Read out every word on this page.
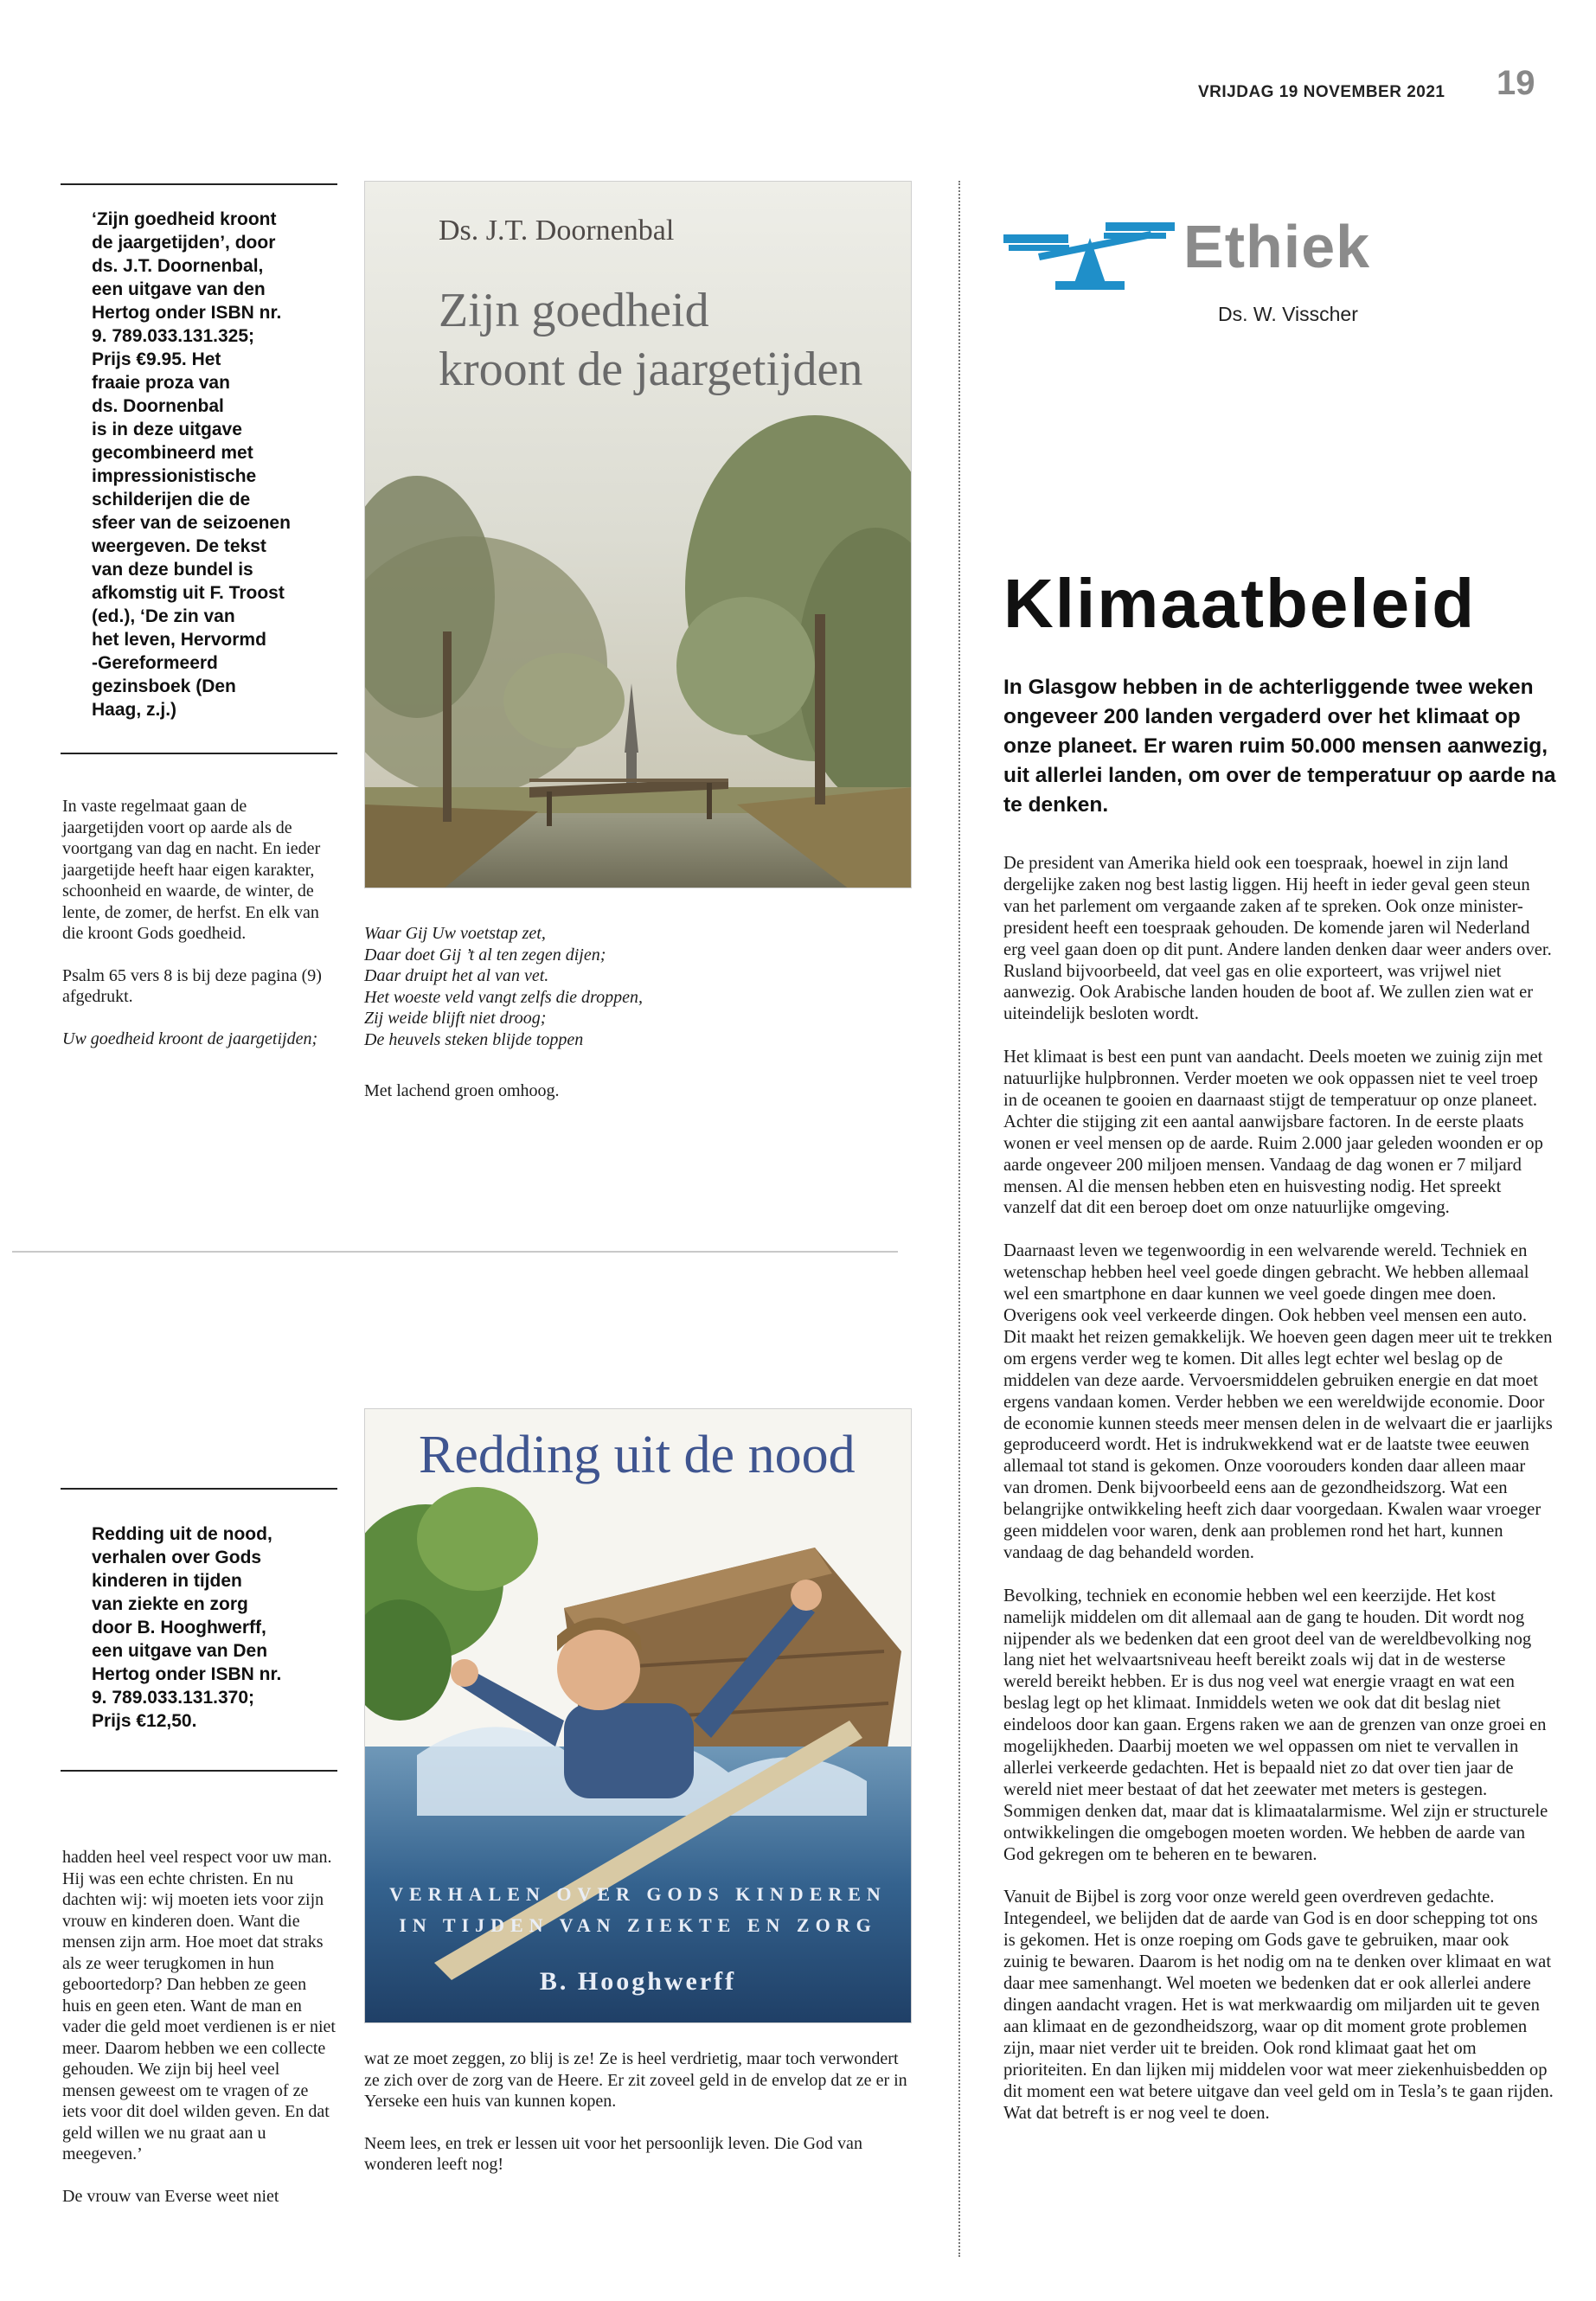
VRIJDAG 19 NOVEMBER 2021 19
‘Zijn goedheid kroont
de jaargetijden’, door
ds. J.T. Doornenbal,
een uitgave van den
Hertog onder ISBN nr.
9. 789.033.131.325;
Prijs €9.95. Het
fraaie proza van
ds. Doornenbal
is in deze uitgave
gecombineerd met
impressionistische
schilderijen die de
sfeer van de seizoenen
weergeven. De tekst
van deze bundel is
afkomstig uit F. Troost
(ed.), ‘De zin van
het leven, Hervormd
-Gereformeerd
gezinsboek (Den
Haag, z.j.)

In vaste regelmaat gaan de jaargetijden voort op aarde als de voortgang van dag en nacht. En ieder jaargetijde heeft haar eigen karakter, schoonheid en waarde, de winter, de lente, de zomer, de herfst. En elk van die kroont Gods goedheid.

Psalm 65 vers 8 is bij deze pagina (9) afgedrukt.

Uw goedheid kroont de jaargetijden;

Ds. J.T. Doornenbal
Zijn goedheid
kroont de jaargetijden
Waar Gij Uw voetstap zet,
Daar doet Gij ’t al ten zegen dijen;
Daar druipt het al van vet.
Het woeste veld vangt zelfs die droppen,
Zij weide blijft niet droog;
De heuvels steken blijde toppen
Met lachend groen omhoog.
Redding uit de nood,
verhalen over Gods
kinderen in tijden
van ziekte en zorg
door B. Hooghwerff,
een uitgave van Den
Hertog onder ISBN nr.
9. 789.033.131.370;
Prijs €12,50.

hadden heel veel respect voor uw man. Hij was een echte christen. En nu dachten wij: wij moeten iets voor zijn vrouw en kinderen doen. Want die mensen zijn arm. Hoe moet dat straks als ze weer terugkomen in hun geboortedorp? Dan hebben ze geen huis en geen eten. Want de man en vader die geld moet verdienen is er niet meer. Daarom hebben we een collecte gehouden. We zijn bij heel veel mensen geweest om te vragen of ze iets voor dit doel wilden geven. En dat geld willen we nu graat aan u meegeven.’

De vrouw van Everse weet niet

Redding uit de nood
VERHALEN OVER GODS KINDEREN
IN TIJDEN VAN ZIEKTE EN ZORG
B. Hooghwerff

wat ze moet zeggen, zo blij is ze! Ze is heel verdrietig, maar toch verwondert ze zich over de zorg van de Heere. Er zit zoveel geld in de envelop dat ze er in Yerseke een huis van kunnen kopen.

Neem lees, en trek er lessen uit voor het persoonlijk leven. Die God van wonderen leeft nog!

Ethiek
Ds. W. Visscher
Klimaatbeleid
In Glasgow hebben in de achterliggende twee weken ongeveer 200 landen vergaderd over het klimaat op onze planeet. Er waren ruim 50.000 mensen aanwezig, uit allerlei landen, om over de temperatuur op aarde na te denken.

De president van Amerika hield ook een toespraak, hoewel in zijn land dergelijke zaken nog best lastig liggen. Hij heeft in ieder geval geen steun van het parlement om vergaande zaken af te spreken. Ook onze minister-president heeft een toespraak gehouden. De komende jaren wil Nederland erg veel gaan doen op dit punt. Andere landen denken daar weer anders over. Rusland bijvoorbeeld, dat veel gas en olie exporteert, was vrijwel niet aanwezig. Ook Arabische landen houden de boot af. We zullen zien wat er uiteindelijk besloten wordt.

Het klimaat is best een punt van aandacht. Deels moeten we zuinig zijn met natuurlijke hulpbronnen. Verder moeten we ook oppassen niet te veel troep in de oceanen te gooien en daarnaast stijgt de temperatuur op onze planeet. Achter die stijging zit een aantal aanwijsbare factoren. In de eerste plaats wonen er veel mensen op de aarde. Ruim 2.000 jaar geleden woonden er op aarde ongeveer 200 miljoen mensen. Vandaag de dag wonen er 7 miljard mensen. Al die mensen hebben eten en huisvesting nodig. Het spreekt vanzelf dat dit een beroep doet om onze natuurlijke omgeving.

Daarnaast leven we tegenwoordig in een welvarende wereld. Techniek en wetenschap hebben heel veel goede dingen gebracht. We hebben allemaal wel een smartphone en daar kunnen we veel goede dingen mee doen. Overigens ook veel verkeerde dingen. Ook hebben veel mensen een auto. Dit maakt het reizen gemakkelijk. We hoeven geen dagen meer uit te trekken om ergens verder weg te komen. Dit alles legt echter wel beslag op de middelen van deze aarde. Vervoersmiddelen gebruiken energie en dat moet ergens vandaan komen. Verder hebben we een wereldwijde economie. Door de economie kunnen steeds meer mensen delen in de welvaart die er jaarlijks geproduceerd wordt. Het is indrukwekkend wat er de laatste twee eeuwen allemaal tot stand is gekomen. Onze voorouders konden daar alleen maar van dromen. Denk bijvoorbeeld eens aan de gezondheidszorg. Wat een belangrijke ontwikkeling heeft zich daar voorgedaan. Kwalen waar vroeger geen middelen voor waren, denk aan problemen rond het hart, kunnen vandaag de dag behandeld worden.

Bevolking, techniek en economie hebben wel een keerzijde. Het kost namelijk middelen om dit allemaal aan de gang te houden. Dit wordt nog nijpender als we bedenken dat een groot deel van de wereldbevolking nog lang niet het welvaartsniveau heeft bereikt zoals wij dat in de westerse wereld bereikt hebben. Er is dus nog veel wat energie vraagt en wat een beslag legt op het klimaat. Inmiddels weten we ook dat dit beslag niet eindeloos door kan gaan. Ergens raken we aan de grenzen van onze groei en mogelijkheden. Daarbij moeten we wel oppassen om niet te vervallen in allerlei verkeerde gedachten. Het is bepaald niet zo dat over tien jaar de wereld niet meer bestaat of dat het zeewater met meters is gestegen. Sommigen denken dat, maar dat is klimaatalarmisme. Wel zijn er structurele ontwikkelingen die omgebogen moeten worden. We hebben de aarde van God gekregen om te beheren en te bewaren.

Vanuit de Bijbel is zorg voor onze wereld geen overdreven gedachte. Integendeel, we belijden dat de aarde van God is en door schepping tot ons is gekomen. Het is onze roeping om Gods gave te gebruiken, maar ook zuinig te bewaren. Daarom is het nodig om na te denken over klimaat en wat daar mee samenhangt. Wel moeten we bedenken dat er ook allerlei andere dingen aandacht vragen. Het is wat merkwaardig om miljarden uit te geven aan klimaat en de gezondheidszorg, waar op dit moment grote problemen zijn, maar niet verder uit te breiden. Ook rond klimaat gaat het om prioriteiten. En dan lijken mij middelen voor wat meer ziekenhuisbedden op dit moment een wat betere uitgave dan veel geld om in Tesla’s te gaan rijden. Wat dat betreft is er nog veel te doen.
